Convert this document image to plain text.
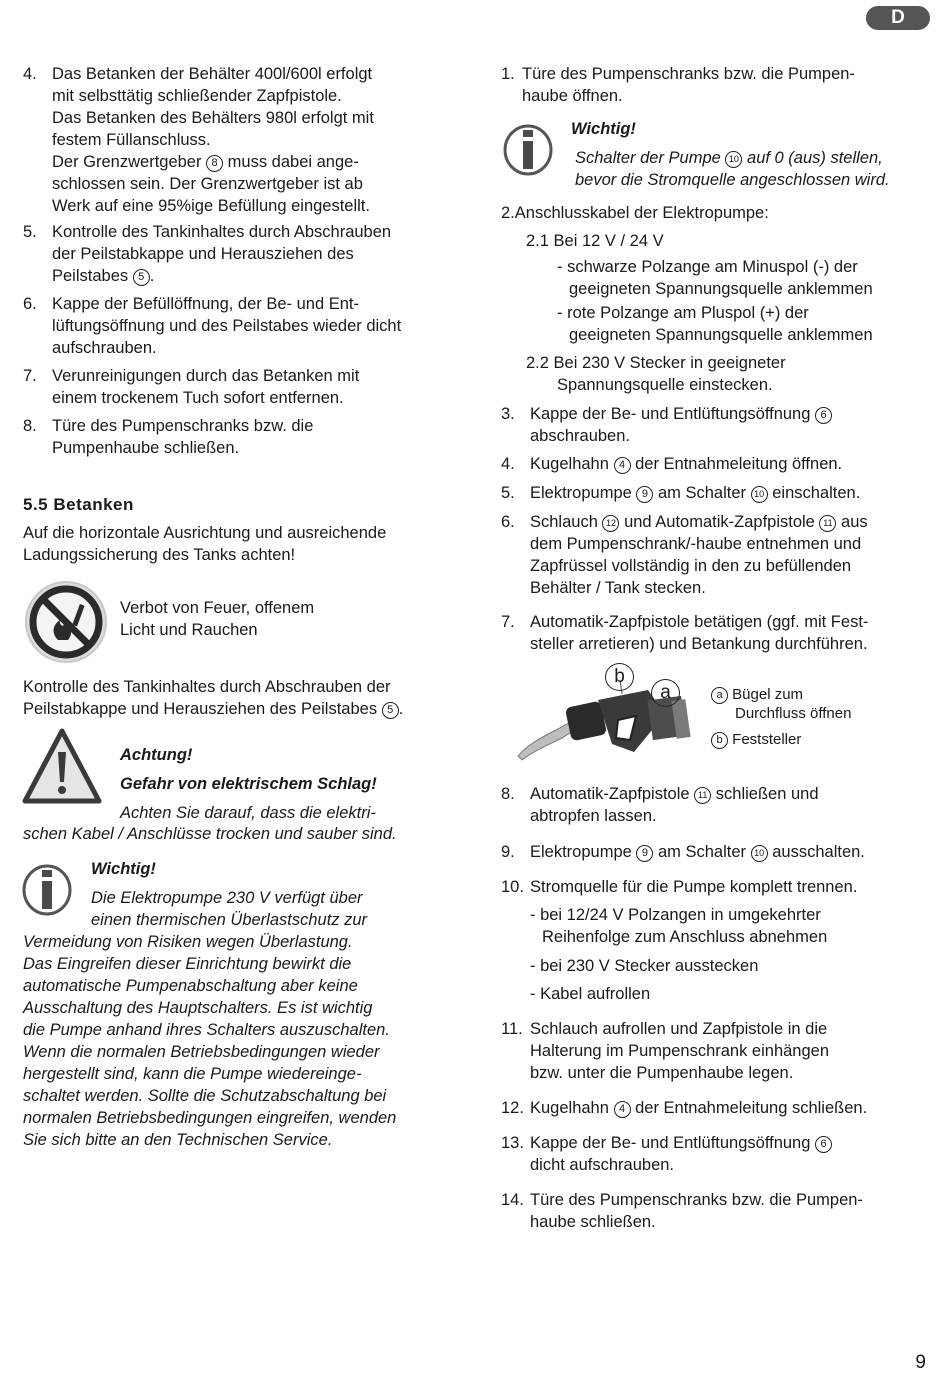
D
4. Das Betanken der Behälter 400l/600l erfolgt
mit selbsttätig schließender Zapfpistole.
Das Betanken des Behälters 980l erfolgt mit
festem Füllanschluss.
Der Grenzwertgeber 8 muss dabei ange-
schlossen sein. Der Grenzwertgeber ist ab
Werk auf eine 95%ige Befüllung eingestellt.
5. Kontrolle des Tankinhaltes durch Abschrauben
der Peilstabkappe und Herausziehen des
Peilstabes 5 .
6. Kappe der Befüllöffnung, der Be- und Ent-
lüftungsöffnung und des Peilstabes wieder dicht
aufschrauben.
7. Verunreinigungen durch das Betanken mit
einem trockenem Tuch sofort entfernen.
8. Türe des Pumpenschranks bzw. die
Pumpenhaube schließen.
5.5 Betanken
Auf die horizontale Ausrichtung und ausreichende
Ladungssicherung des Tanks achten!
Verbot von Feuer, offenem
Licht und Rauchen
Kontrolle des Tankinhaltes durch Abschrauben der
Peilstabkappe und Herausziehen des Peilstabes 5 .
Achtung!
Gefahr von elektrischem Schlag!
Achten Sie darauf, dass die elektri-
schen Kabel / Anschlüsse trocken und sauber sind.
Wichtig!
Die Elektropumpe 230 V verfügt über
einen thermischen Überlastschutz zur
Vermeidung von Risiken wegen Überlastung.
Das Eingreifen dieser Einrichtung bewirkt die
automatische Pumpenabschaltung aber keine
Ausschaltung des Hauptschalters. Es ist wichtig
die Pumpe anhand ihres Schalters auszuschalten.
Wenn die normalen Betriebsbedingungen wieder
hergestellt sind, kann die Pumpe wiedereinge-
schaltet werden. Sollte die Schutzabschaltung bei
normalen Betriebsbedingungen eingreifen, wenden
Sie sich bitte an den Technischen Service.
1. Türe des Pumpenschranks bzw. die Pumpen-
haube öffnen.
Wichtig!
Schalter der Pumpe 10 auf 0 (aus) stellen,
bevor die Stromquelle angeschlossen wird.
2.Anschlusskabel der Elektropumpe:
2.1 Bei 12 V / 24 V
- schwarze Polzange am Minuspol (-) der
geeigneten Spannungsquelle anklemmen
- rote Polzange am Pluspol (+) der
geeigneten Spannungsquelle anklemmen
2.2 Bei 230 V Stecker in geeigneter
Spannungsquelle einstecken.
3. Kappe der Be- und Entlüftungsöffnung 6
abschrauben.
4. Kugelhahn 4 der Entnahmeleitung öffnen.
5. Elektropumpe 9 am Schalter 10 einschalten.
6. Schlauch 12 und Automatik-Zapfpistole 11 aus
dem Pumpenschrank/-haube entnehmen und
Zapfrüssel vollständig in den zu befüllenden
Behälter / Tank stecken.
7. Automatik-Zapfpistole betätigen (ggf. mit Fest-
steller arretieren) und Betankung durchführen.
b
a	a Bügel zum
Durchfluss öffnen
b Feststeller
8. Automatik-Zapfpistole 11 schließen und
abtropfen lassen.
9. Elektropumpe 9 am Schalter 10 ausschalten.
10. Stromquelle für die Pumpe komplett trennen.
- bei 12/24 V Polzangen in umgekehrter
Reihenfolge zum Anschluss abnehmen
- bei 230 V Stecker ausstecken
- Kabel aufrollen
11. Schlauch aufrollen und Zapfpistole in die
Halterung im Pumpenschrank einhängen
bzw. unter die Pumpenhaube legen.
12. Kugelhahn 4 der Entnahmeleitung schließen.
13. Kappe der Be- und Entlüftungsöffnung 6
dicht aufschrauben.
14. Türe des Pumpenschranks bzw. die Pumpen-
haube schließen.
9
